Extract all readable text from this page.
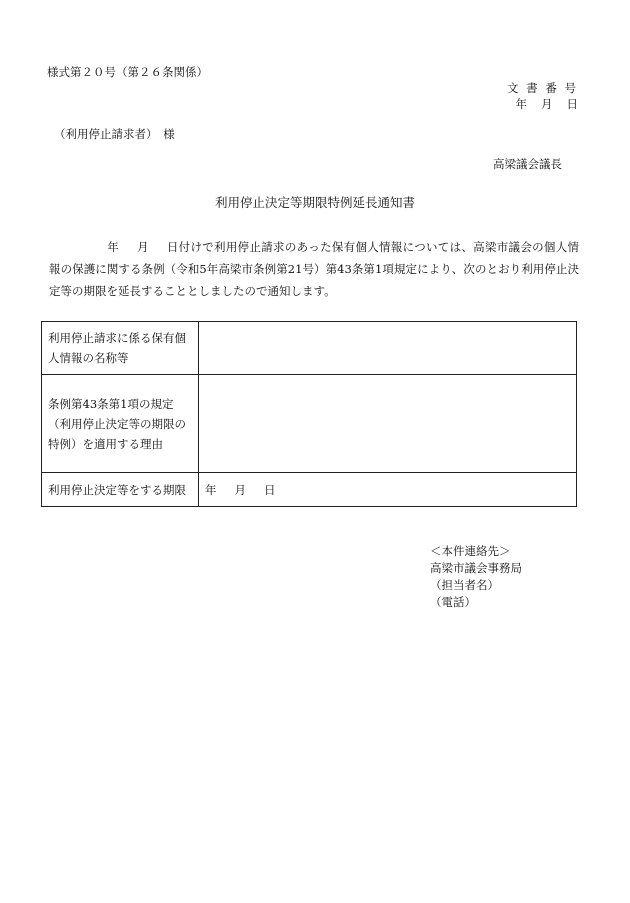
様式第２０号（第２６条関係）
文 書 番 号
年 月 日
（利用停止請求者）　様
高梁議会議長
利用停止決定等期限特例延長通知書
年 月 日付けで利用停止請求のあった保有個人情報については、高梁市議会の個人情報の保護に関する条例（令和5年高梁市条例第21号）第43条第1項規定により、次のとおり利用停止決定等の期限を延長することとしましたので通知します。
利用停止請求に係る保有個人情報の名称等	
条例第43条第1項の規定（利用停止決定等の期限の特例）を適用する理由	
利用停止決定等をする期限	年 月 日
＜本件連絡先＞
高梁市議会事務局
（担当者名）
（電話）
